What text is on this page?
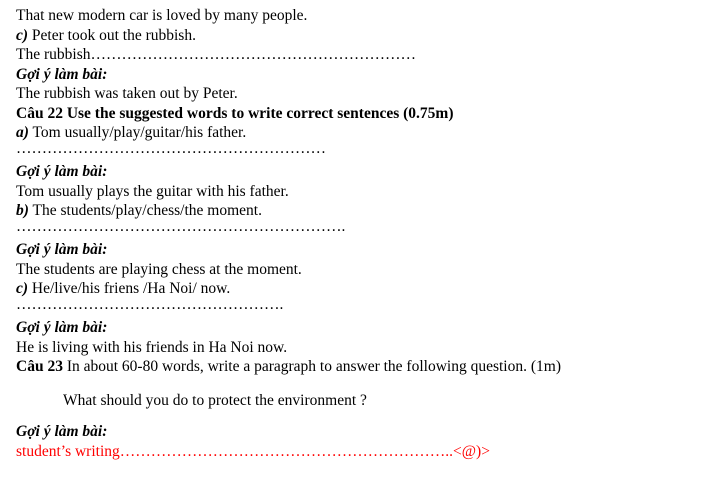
That new modern car is loved by many people.
c) Peter took out the rubbish.
The rubbish………………………………………………………
Gợi ý làm bài:
The rubbish was taken out by Peter.
Câu 22 Use the suggested words to write correct sentences (0.75m)
a) Tom usually/play/guitar/his father.
……………………………………………………
Gợi ý làm bài:
Tom usually plays the guitar with his father.
b) The students/play/chess/the moment.
……………………………………………………….
Gợi ý làm bài:
The students are playing chess at the moment.
c) He/live/his friens /Ha Noi/ now.
…………………………………………….
Gợi ý làm bài:
He is living with his friends in Ha Noi now.
Câu 23 In about 60-80 words, write a paragraph to answer the following question. (1m)
What should you do to protect the environment ?
Gợi ý làm bài:
student’s writing………………………………………………………..<@)>
